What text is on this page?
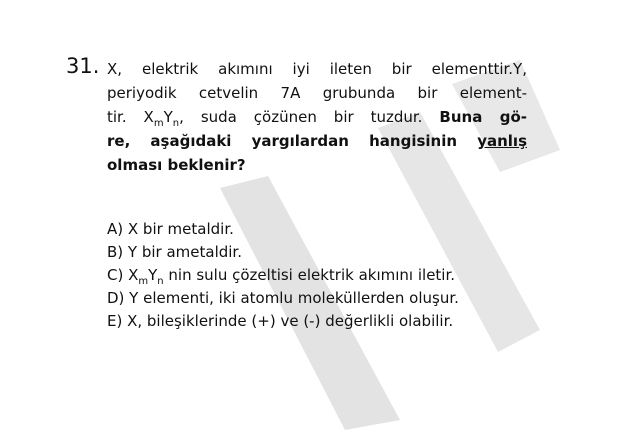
31. X, elektrik akımını iyi ileten bir elementtir.Y,
periyodik cetvelin 7A grubunda bir element-
tir. $X_mY_n$, suda çözünen bir tuzdur. Buna gö-
re, aşağıdaki yargılardan hangisinin yanlış
olması beklenir?
A) X bir metaldir.
B) Y bir ametaldir.
C) $X_mY_n$ nin sulu çözeltisi elektrik akımını iletir.
D) Y elementi, iki atomlu moleküllerden oluşur.
E) X, bileşiklerinde (+) ve (-) değerlikli olabilir.
